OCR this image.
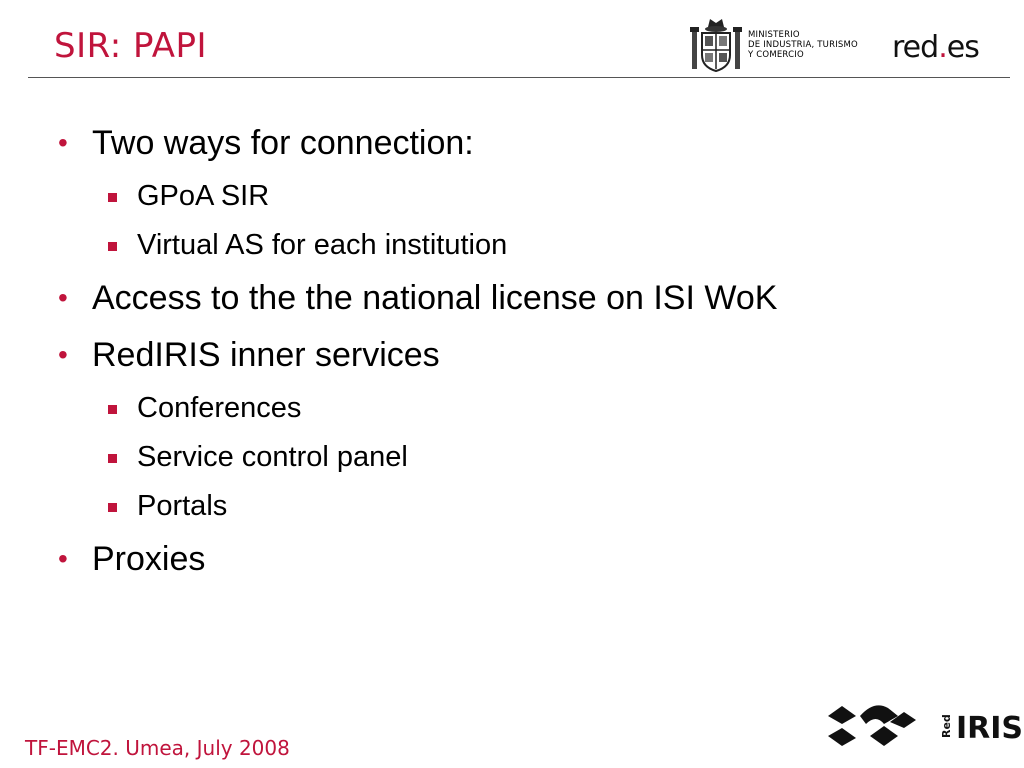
SIR: PAPI	MINISTERIO
DE INDUSTRIA, TURISMO
Y COMERCIO	red.es
• Two ways for connection:
GPoA SIR
Virtual AS for each institution
• Access to the the national license on ISI WoK
• RedIRIS inner services
Conferences
Service control panel
Portals
• Proxies
TF-EMC2. Umea, July 2008
Red IRIS
